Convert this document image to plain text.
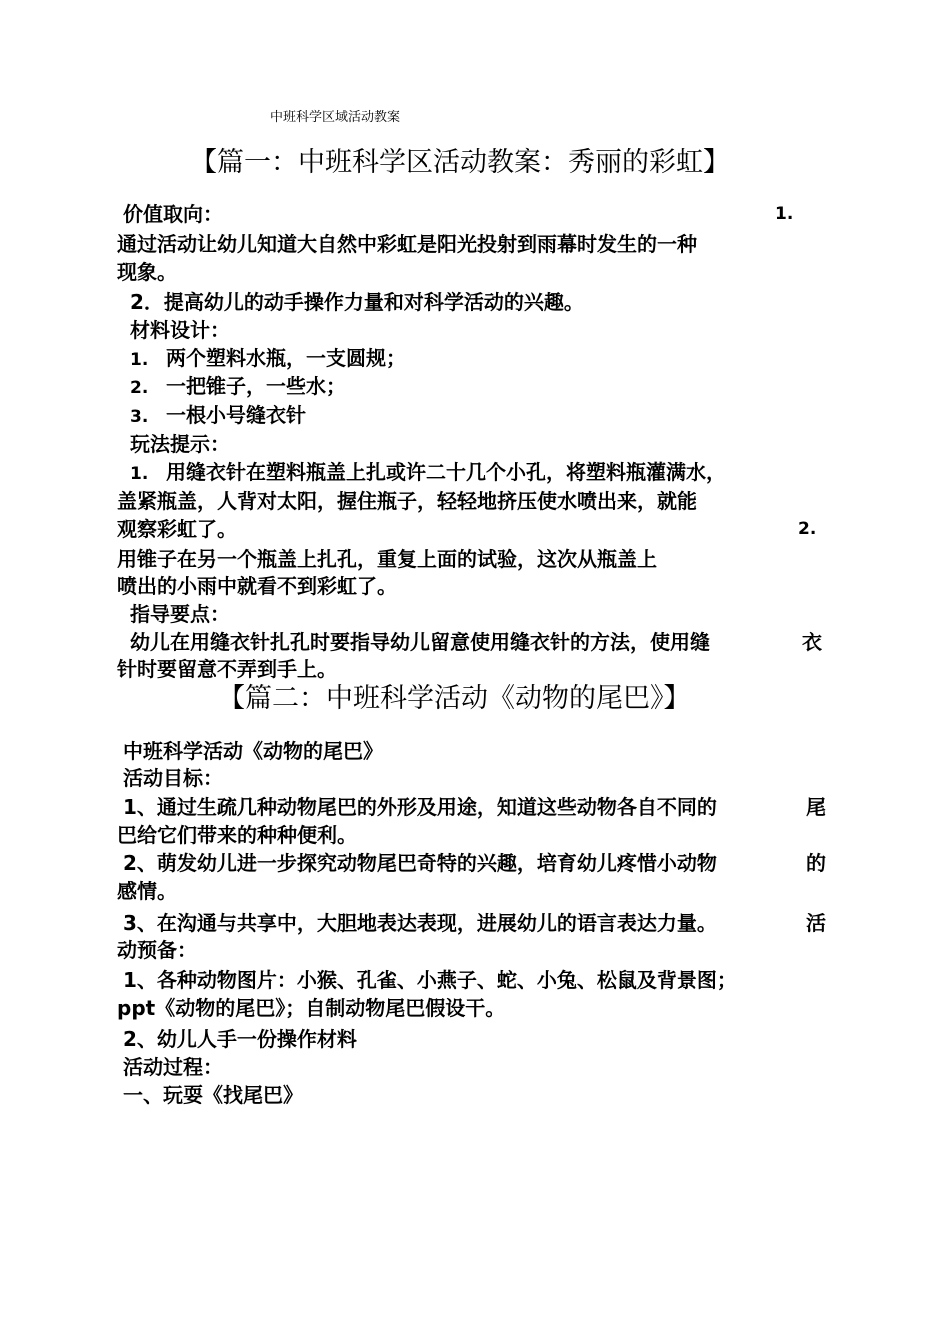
中班科学区域活动教案
【篇一：中班科学区活动教案：秀丽的彩虹】
价值取向：	1.
通过活动让幼儿知道大自然中彩虹是阳光投射到雨幕时发生的一种
现象。
2．提高幼儿的动手操作力量和对科学活动的兴趣。
材料设计：
1. 两个塑料水瓶，一支圆规；
2. 一把锥子，一些水；
3. 一根小号缝衣针
玩法提示：
1. 用缝衣针在塑料瓶盖上扎或许二十几个小孔，将塑料瓶灌满水，
盖紧瓶盖，人背对太阳，握住瓶子，轻轻地挤压使水喷出来，就能
观察彩虹了。	2.
用锥子在另一个瓶盖上扎孔，重复上面的试验，这次从瓶盖上
喷出的小雨中就看不到彩虹了。
指导要点：
幼儿在用缝衣针扎孔时要指导幼儿留意使用缝衣针的方法，使用缝	衣
针时要留意不弄到手上。
【篇二：中班科学活动《动物的尾巴》】
中班科学活动《动物的尾巴》
活动目标：
1、通过生疏几种动物尾巴的外形及用途，知道这些动物各自不同的	尾
巴给它们带来的种种便利。
2、萌发幼儿进一步探究动物尾巴奇特的兴趣，培育幼儿疼惜小动物	的
感情。
3、在沟通与共享中，大胆地表达表现，进展幼儿的语言表达力量。	活
动预备：
1、各种动物图片：小猴、孔雀、小燕子、蛇、小兔、松鼠及背景图；
ppt《动物的尾巴》；自制动物尾巴假设干。
2、幼儿人手一份操作材料
活动过程：
一、玩耍《找尾巴》
